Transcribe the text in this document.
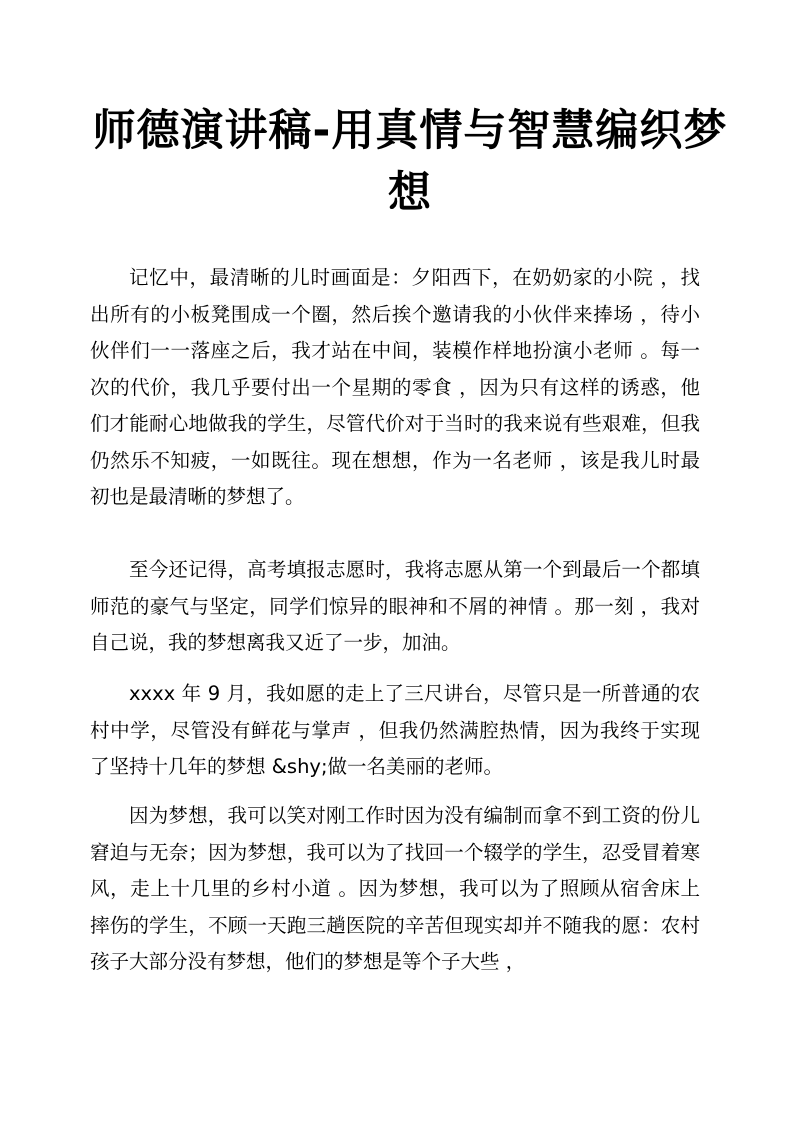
师德演讲稿-用真情与智慧编织梦想

记忆中，最清晰的儿时画面是：夕阳西下，在奶奶家的小院 ，找出所有的小板凳围成一个圈，然后挨个邀请我的小伙伴来捧场 ，待小伙伴们一一落座之后，我才站在中间，装模作样地扮演小老师 。每一次的代价，我几乎要付出一个星期的零食 ，因为只有这样的诱惑，他们才能耐心地做我的学生，尽管代价对于当时的我来说有些艰难，但我仍然乐不知疲，一如既往。现在想想，作为一名老师 ，该是我儿时最初也是最清晰的梦想了。

至今还记得，高考填报志愿时，我将志愿从第一个到最后一个都填师范的豪气与坚定，同学们惊异的眼神和不屑的神情 。那一刻 ，我对自己说，我的梦想离我又近了一步，加油。

xxxx 年 9 月，我如愿的走上了三尺讲台，尽管只是一所普通的农村中学，尽管没有鲜花与掌声 ，但我仍然满腔热情，因为我终于实现了坚持十几年的梦想 &shy;做一名美丽的老师。

因为梦想，我可以笑对刚工作时因为没有编制而拿不到工资的份儿窘迫与无奈；因为梦想，我可以为了找回一个辍学的学生，忍受冒着寒风，走上十几里的乡村小道 。因为梦想，我可以为了照顾从宿舍床上摔伤的学生，不顾一天跑三趟医院的辛苦但现实却并不随我的愿：农村孩子大部分没有梦想，他们的梦想是等个子大些 ，
